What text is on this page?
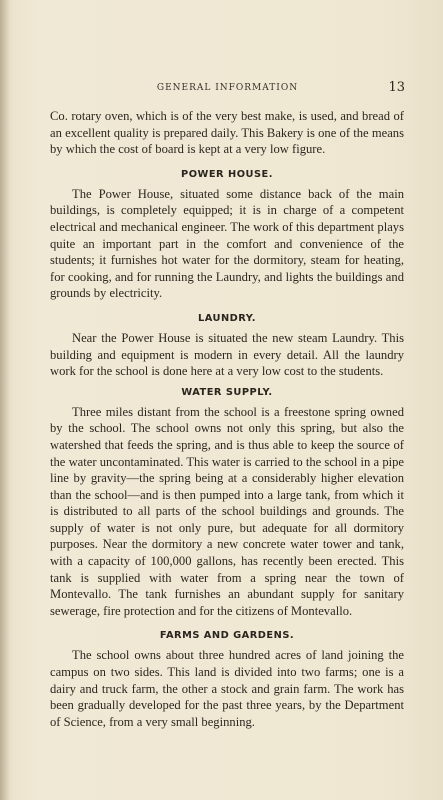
GENERAL INFORMATION	13

Co. rotary oven, which is of the very best make, is used, and bread of an excellent quality is prepared daily. This Bakery is one of the means by which the cost of board is kept at a very low figure.

POWER HOUSE.

The Power House, situated some distance back of the main buildings, is completely equipped; it is in charge of a competent electrical and mechanical engineer. The work of this department plays quite an important part in the comfort and convenience of the students; it furnishes hot water for the dormitory, steam for heating, for cooking, and for running the Laundry, and lights the buildings and grounds by electricity.

LAUNDRY.

Near the Power House is situated the new steam Laundry. This building and equipment is modern in every detail. All the laundry work for the school is done here at a very low cost to the students.

WATER SUPPLY.

Three miles distant from the school is a freestone spring owned by the school. The school owns not only this spring, but also the watershed that feeds the spring, and is thus able to keep the source of the water uncontaminated. This water is carried to the school in a pipe line by gravity—the spring being at a considerably higher elevation than the school—and is then pumped into a large tank, from which it is distributed to all parts of the school buildings and grounds. The supply of water is not only pure, but adequate for all dormitory purposes. Near the dormitory a new concrete water tower and tank, with a capacity of 100,000 gallons, has recently been erected. This tank is supplied with water from a spring near the town of Montevallo. The tank furnishes an abundant supply for sanitary sewerage, fire protection and for the citizens of Montevallo.

FARMS AND GARDENS.

The school owns about three hundred acres of land joining the campus on two sides. This land is divided into two farms; one is a dairy and truck farm, the other a stock and grain farm. The work has been gradually developed for the past three years, by the Department of Science, from a very small beginning.
